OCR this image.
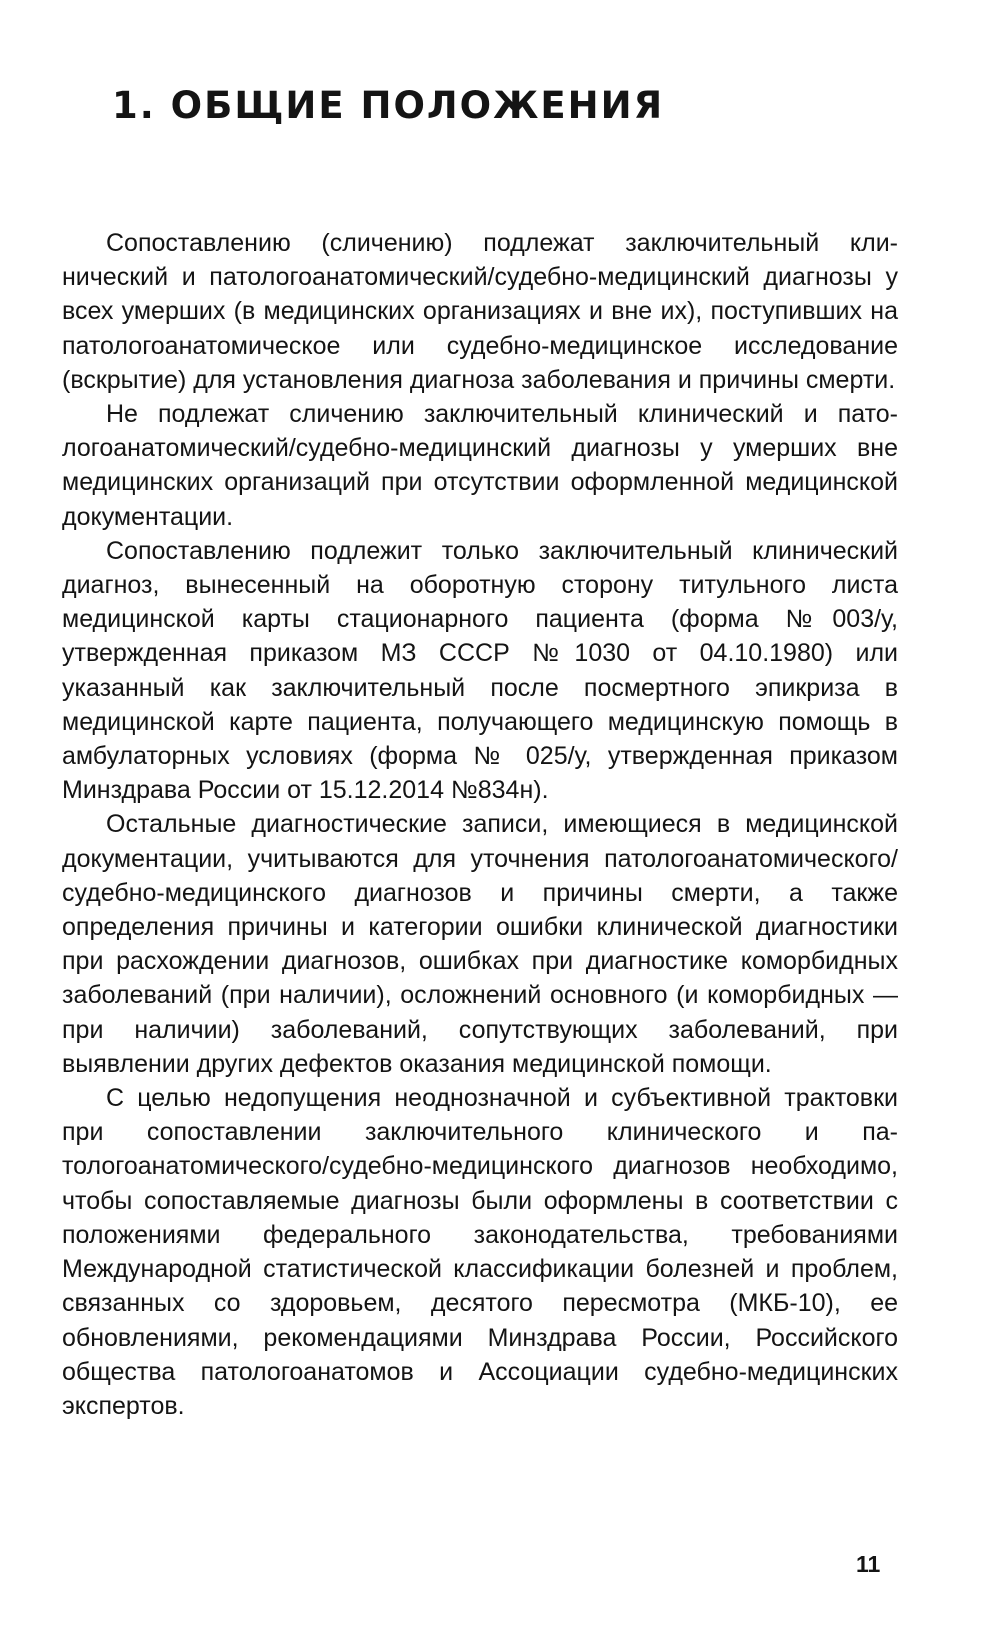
1. ОБЩИЕ ПОЛОЖЕНИЯ

Сопоставлению (сличению) подлежат заключительный клинический и патологоанатомический/судебно-медицинский диагнозы у всех умерших (в медицинских организациях и вне их), поступивших на патологоанатомическое или судебно-медицинское исследование (вскрытие) для установления диагноза заболевания и причины смерти.

Не подлежат сличению заключительный клинический и патологоанатомический/судебно-медицинский диагнозы у умерших вне медицинских организаций при отсутствии оформленной медицинской документации.

Сопоставлению подлежит только заключительный клинический диагноз, вынесенный на оборотную сторону титульного листа медицинской карты стационарного пациента (форма №003/у, утвержденная приказом МЗ СССР №1030 от 04.10.1980) или указанный как заключительный после посмертного эпикриза в медицинской карте пациента, получающего медицинскую помощь в амбулаторных условиях (форма № 025/у, утвержденная приказом Минздрава России от 15.12.2014 №834н).

Остальные диагностические записи, имеющиеся в медицинской документации, учитываются для уточнения патологоанатомического/судебно-медицинского диагнозов и причины смерти, а также определения причины и категории ошибки клинической диагностики при расхождении диагнозов, ошибках при диагностике коморбидных заболеваний (при наличии), осложнений основного (и коморбидных — при наличии) заболеваний, сопутствующих заболеваний, при выявлении других дефектов оказания медицинской помощи.

С целью недопущения неоднозначной и субъективной трактовки при сопоставлении заключительного клинического и патологоанатомического/судебно-медицинского диагнозов необходимо, чтобы сопоставляемые диагнозы были оформлены в соответствии с положениями федерального законодательства, требованиями Международной статистической классификации болезней и проблем, связанных со здоровьем, десятого пересмотра (МКБ-10), ее обновлениями, рекомендациями Минздрава России, Российского общества патологоанатомов и Ассоциации судебно-медицинских экспертов.

11
